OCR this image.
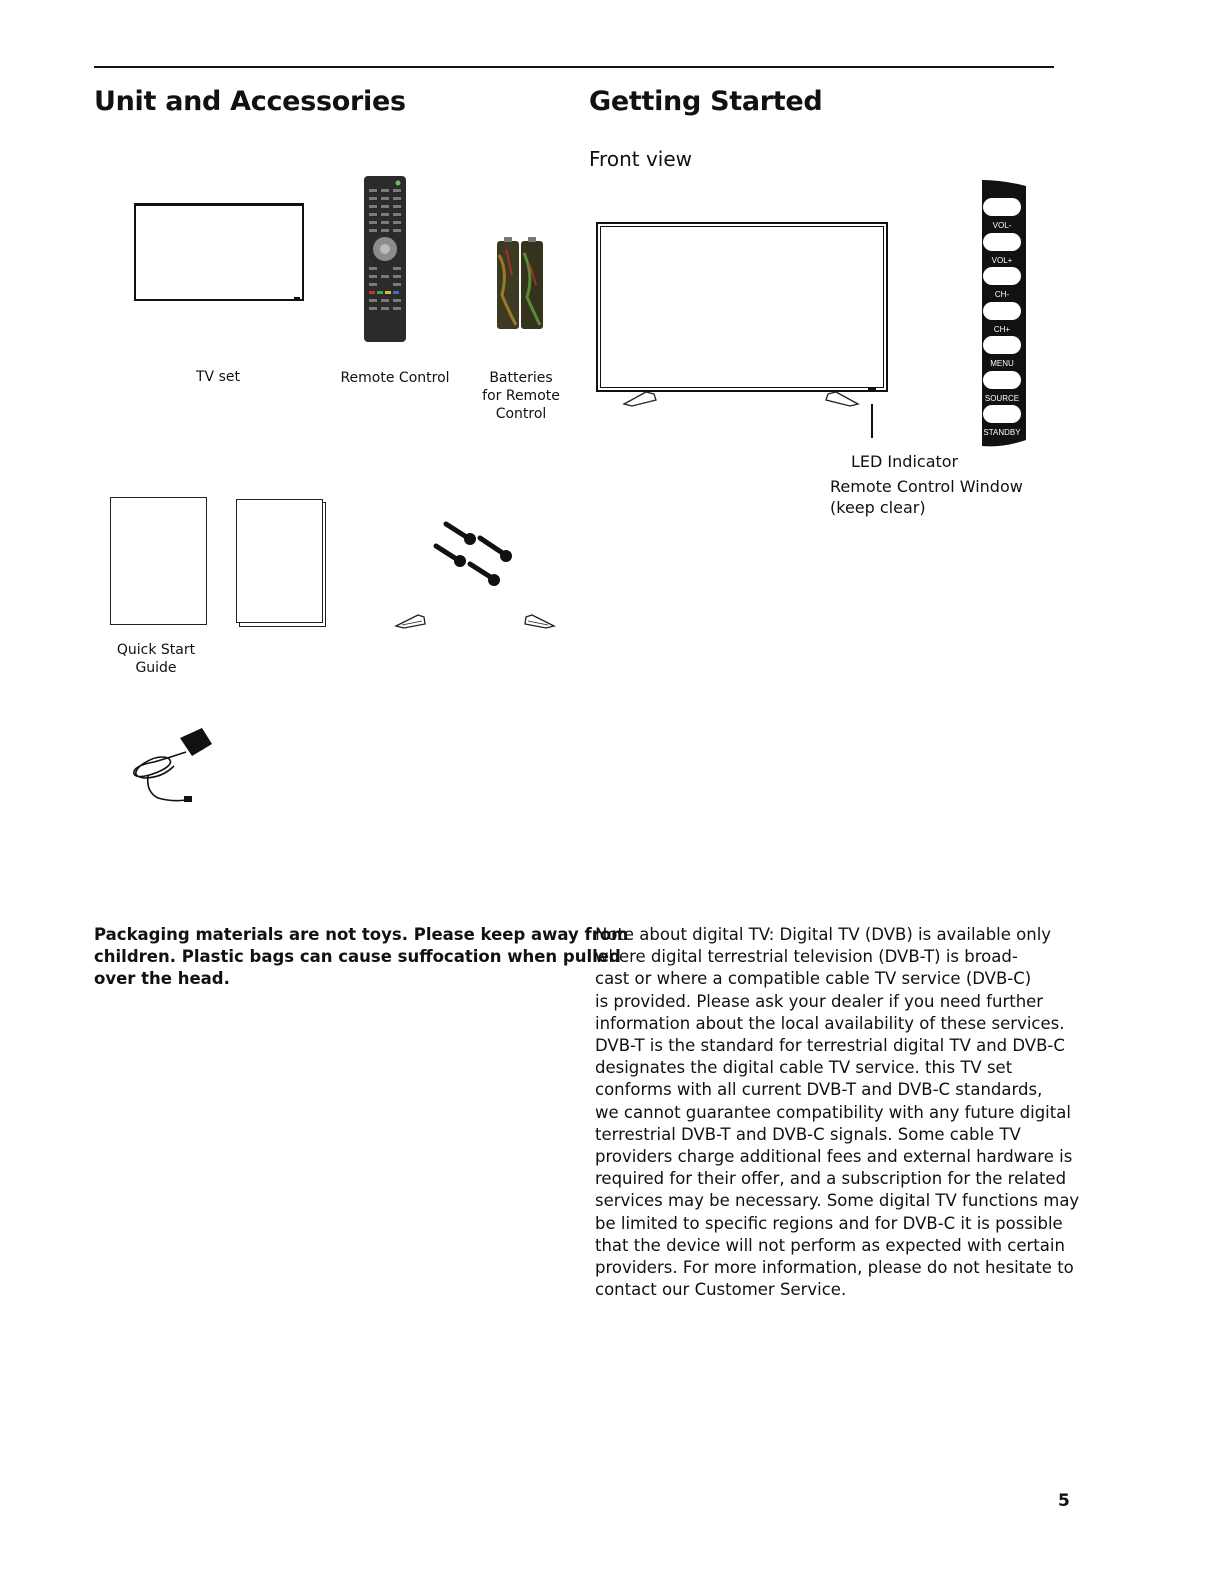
Unit and Accessories
TV set	Remote Control	Batteries
for Remote
Control
Quick Start
Guide
Packaging materials are not toys. Please keep away from
children. Plastic bags can cause suffocation when pulled
over the head.
Getting Started
Front view
VOL-
VOL+
CH-
CH+
MENU
SOURCE
STANDBY
LED Indicator
Remote Control Window
(keep clear)
Note about digital TV: Digital TV (DVB) is available only
where digital terrestrial television (DVB-T) is broad-
cast or where a compatible cable TV service (DVB-C)
is provided. Please ask your dealer if you need further
information about the local availability of these services.
DVB-T is the standard for terrestrial digital TV and DVB-C
designates the digital cable TV service. this TV set
conforms with all current DVB-T and DVB-C standards,
we cannot guarantee compatibility with any future digital
terrestrial DVB-T and DVB-C signals. Some cable TV
providers charge additional fees and external hardware is
required for their offer, and a subscription for the related
services may be necessary. Some digital TV functions may
be limited to specific regions and for DVB-C it is possible
that the device will not perform as expected with certain
providers. For more information, please do not hesitate to
contact our Customer Service.
5
